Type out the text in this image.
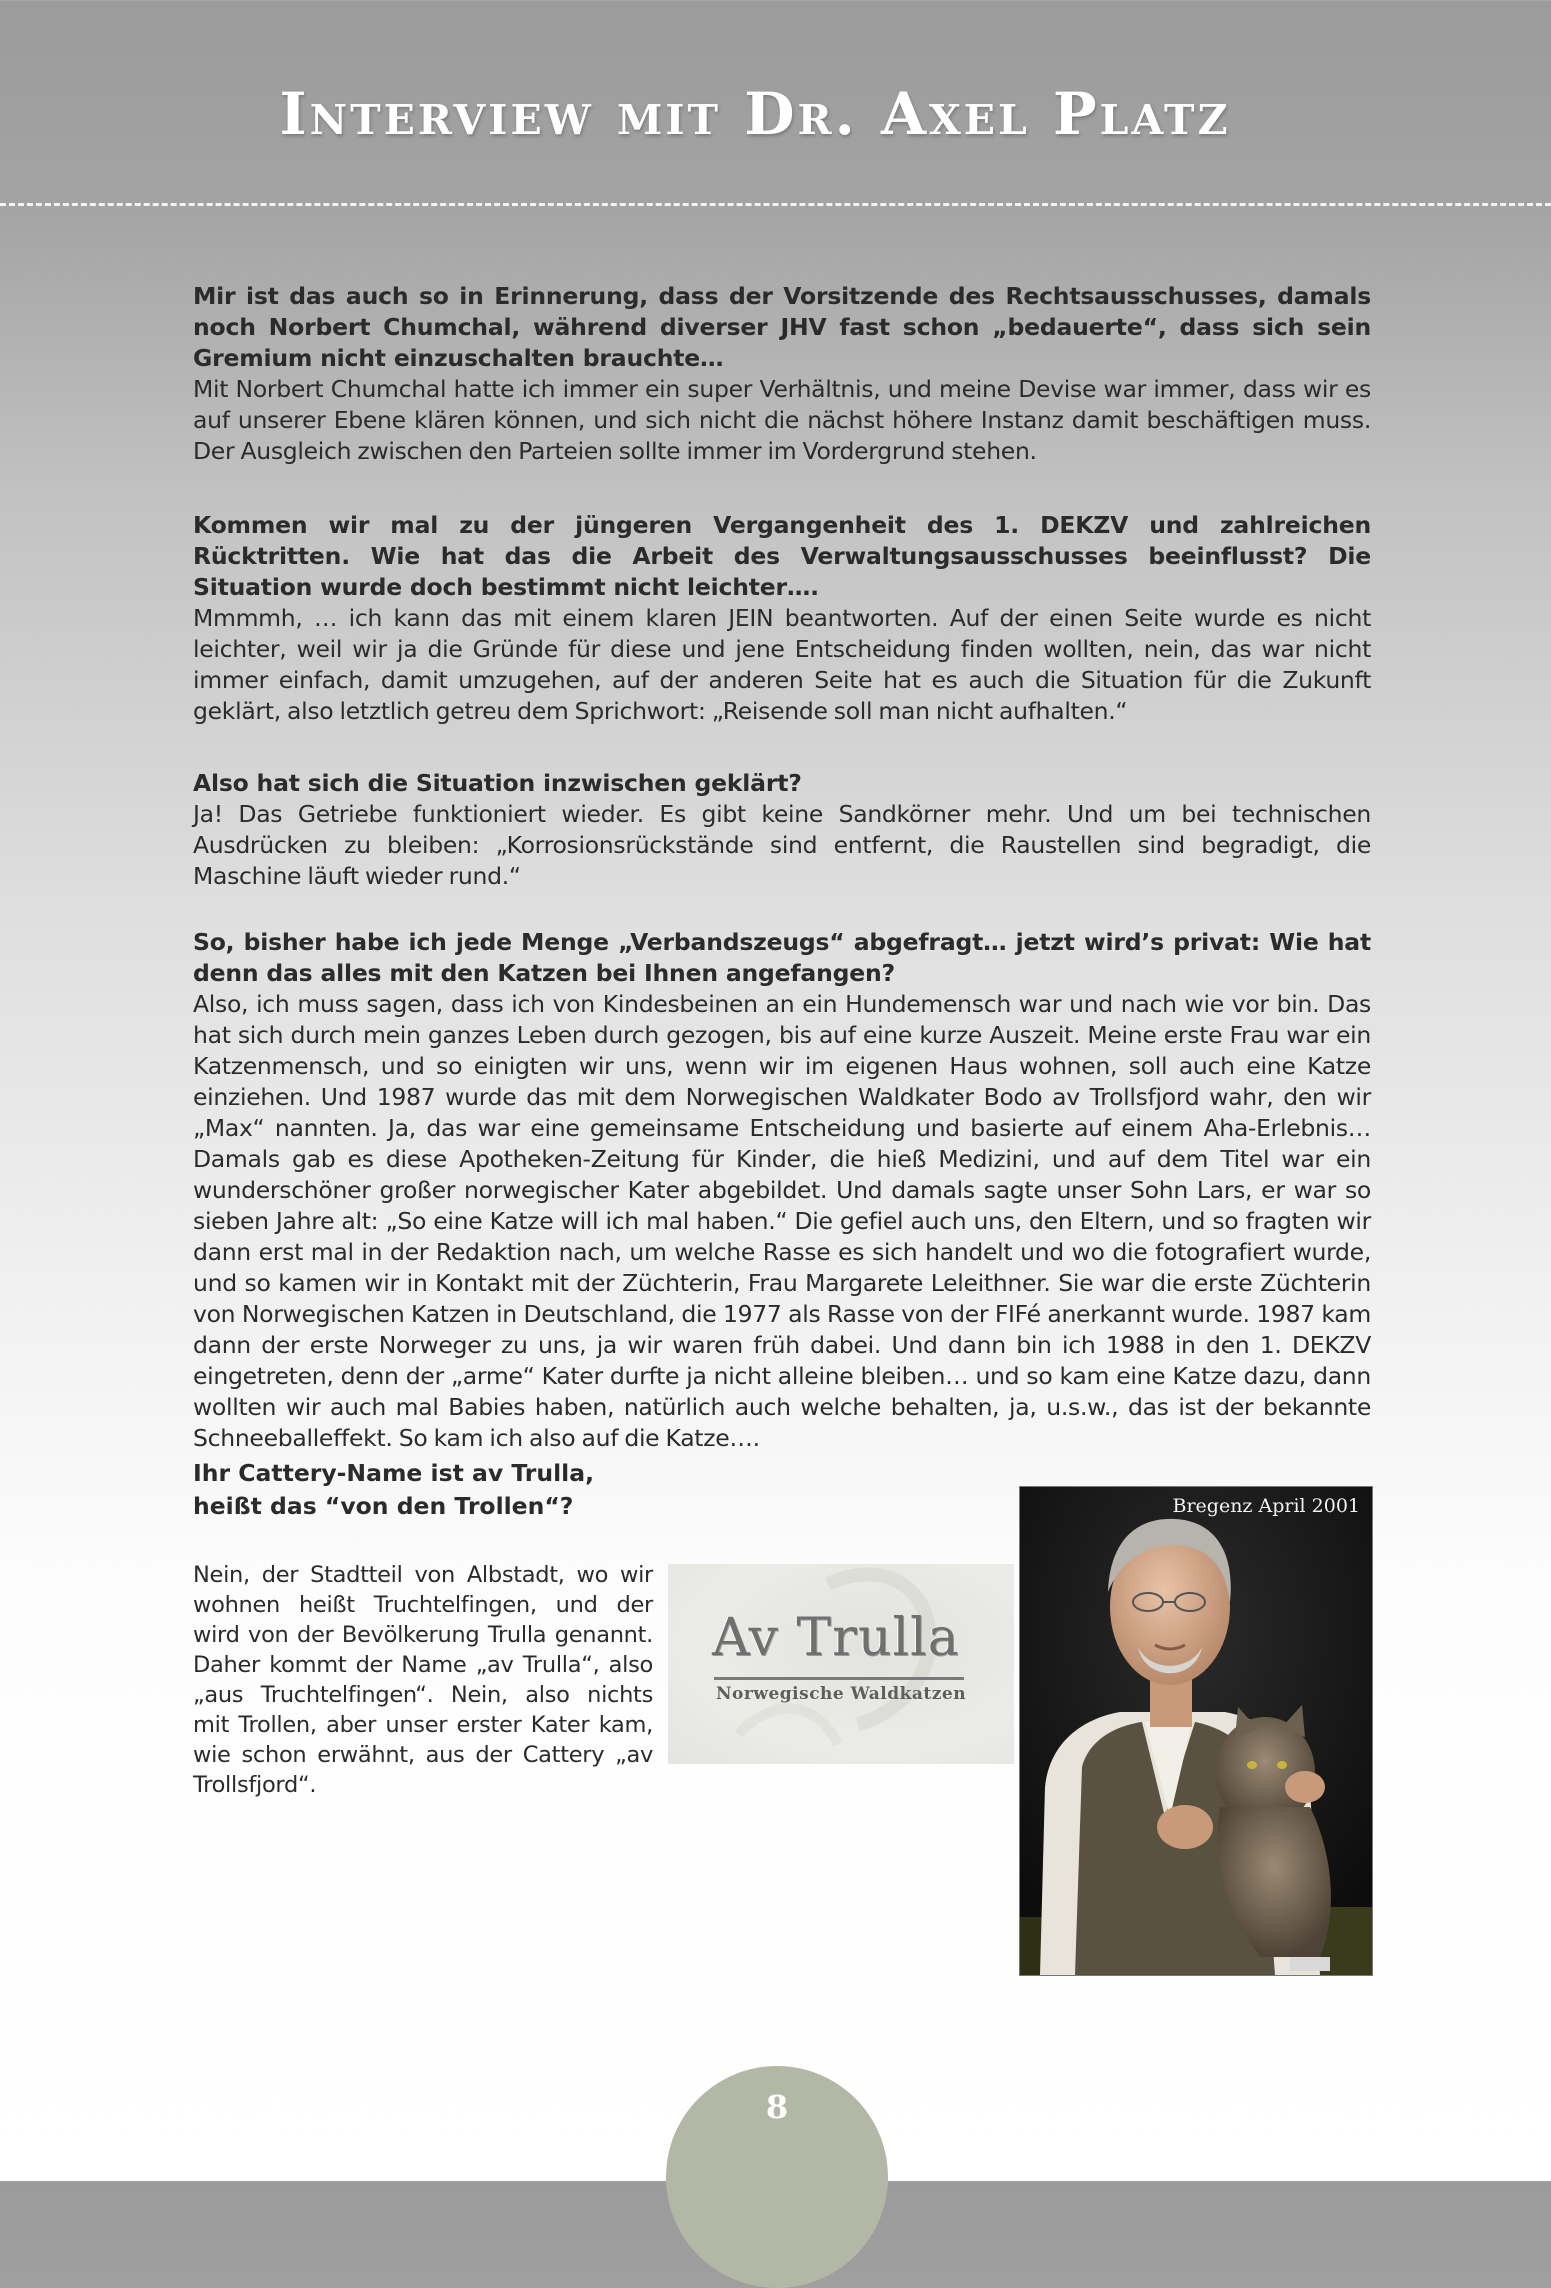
Interview mit Dr. Axel Platz

Mir ist das auch so in Erinnerung, dass der Vorsitzende des Rechtsausschusses, damals noch Norbert Chumchal, während diverser JHV fast schon „bedauerte“, dass sich sein Gremium nicht einzuschalten brauchte…

Mit Norbert Chumchal hatte ich immer ein super Verhältnis, und meine Devise war immer, dass wir es auf unserer Ebene klären können, und sich nicht die nächst höhere Instanz damit beschäftigen muss. Der Ausgleich zwischen den Parteien sollte immer im Vordergrund stehen.

Kommen wir mal zu der jüngeren Vergangenheit des 1. DEKZV und zahlreichen Rücktritten. Wie hat das die Arbeit des Verwaltungsausschusses beeinflusst? Die Situation wurde doch bestimmt nicht leichter….

Mmmmh, … ich kann das mit einem klaren JEIN beantworten. Auf der einen Seite wurde es nicht leichter, weil wir ja die Gründe für diese und jene Entscheidung finden wollten, nein, das war nicht immer einfach, damit umzugehen, auf der anderen Seite hat es auch die Situation für die Zukunft geklärt, also letztlich getreu dem Sprichwort: „Reisende soll man nicht aufhalten.“

Also hat sich die Situation inzwischen geklärt?

Ja! Das Getriebe funktioniert wieder. Es gibt keine Sandkörner mehr. Und um bei technischen Ausdrücken zu bleiben: „Korrosionsrückstände sind entfernt, die Raustellen sind begradigt, die Maschine läuft wieder rund.“

So, bisher habe ich jede Menge „Verbandszeugs“ abgefragt… jetzt wird’s privat: Wie hat denn das alles mit den Katzen bei Ihnen angefangen?

Also, ich muss sagen, dass ich von Kindesbeinen an ein Hundemensch war und nach wie vor bin. Das hat sich durch mein ganzes Leben durch gezogen, bis auf eine kurze Auszeit. Meine erste Frau war ein Katzenmensch, und so einigten wir uns, wenn wir im eigenen Haus wohnen, soll auch eine Katze einziehen. Und 1987 wurde das mit dem Norwegischen Waldkater Bodo av Trollsfjord wahr, den wir „Max“ nannten. Ja, das war eine gemeinsame Entscheidung und basierte auf einem Aha-Erlebnis… Damals gab es diese Apotheken-Zeitung für Kinder, die hieß Medizini, und auf dem Titel war ein wunderschöner großer norwegischer Kater abgebildet. Und damals sagte unser Sohn Lars, er war so sieben Jahre alt: „So eine Katze will ich mal haben.“ Die gefiel auch uns, den Eltern, und so fragten wir dann erst mal in der Redaktion nach, um welche Rasse es sich handelt und wo die fotografiert wurde, und so kamen wir in Kontakt mit der Züchterin, Frau Margarete Leleithner. Sie war die erste Züchterin von Norwegischen Katzen in Deutschland, die 1977 als Rasse von der FIFé anerkannt wurde. 1987 kam dann der erste Norweger zu uns, ja wir waren früh dabei. Und dann bin ich 1988 in den 1. DEKZV eingetreten, denn der „arme“ Kater durfte ja nicht alleine bleiben… und so kam eine Katze dazu, dann wollten wir auch mal Babies haben, natürlich auch welche behalten, ja, u.s.w., das ist der bekannte Schneeballeffekt. So kam ich also auf die Katze….

Ihr Cattery-Name ist av Trulla,
heißt das “von den Trollen“?

Nein, der Stadtteil von Albstadt, wo wir wohnen heißt Truchtelfingen, und der wird von der Bevölkerung Trulla genannt. Daher kommt der Name „av Trulla“, also „aus Truchtelfingen“. Nein, also nichts mit Trollen, aber unser erster Kater kam, wie schon erwähnt, aus der Cattery „av Trollsfjord“.

Av Trulla

Norwegische Waldkatzen

Bregenz April 2001

8
